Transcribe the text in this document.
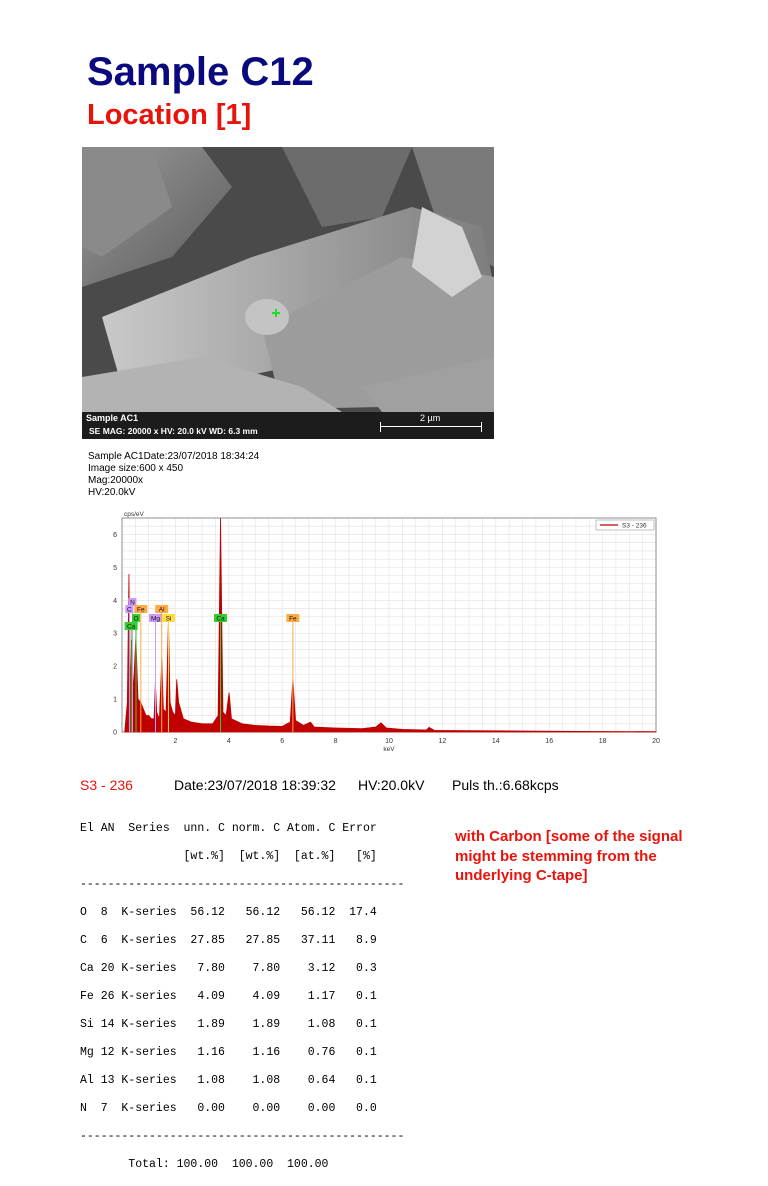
Sample C12
Location [1]
Sample AC1
SE MAG: 20000 x HV: 20.0 kV WD: 6.3 mm
2 µm
Sample AC1Date:23/07/2018 18:34:24
Image size:600 x 450
Mag:20000x
HV:20.0kV
2	4	6	8	10	12	14	16	18	20
0
1
2
3
4
5
6
cps/eV
keV
C
N
O
Ca
Fe
Mg
Al
Si	Ca	Fe
S3 - 236
S3 - 236	Date:23/07/2018 18:39:32 HV:20.0kV Puls th.:6.68kcps

El AN  Series  unn. C norm. C Atom. C Error

[wt.%]  [wt.%]  [at.%]   [%]

-----------------------------------------------

O  8  K-series  56.12   56.12   56.12  17.4

C  6  K-series  27.85   27.85   37.11   8.9

Ca 20 K-series   7.80    7.80    3.12   0.3

Fe 26 K-series   4.09    4.09    1.17   0.1

Si 14 K-series   1.89    1.89    1.08   0.1

Mg 12 K-series   1.16    1.16    0.76   0.1

Al 13 K-series   1.08    1.08    0.64   0.1

N  7  K-series   0.00    0.00    0.00   0.0

-----------------------------------------------

Total: 100.00  100.00  100.00

with Carbon [some of the signal might be stemming from the underlying C-tape]
